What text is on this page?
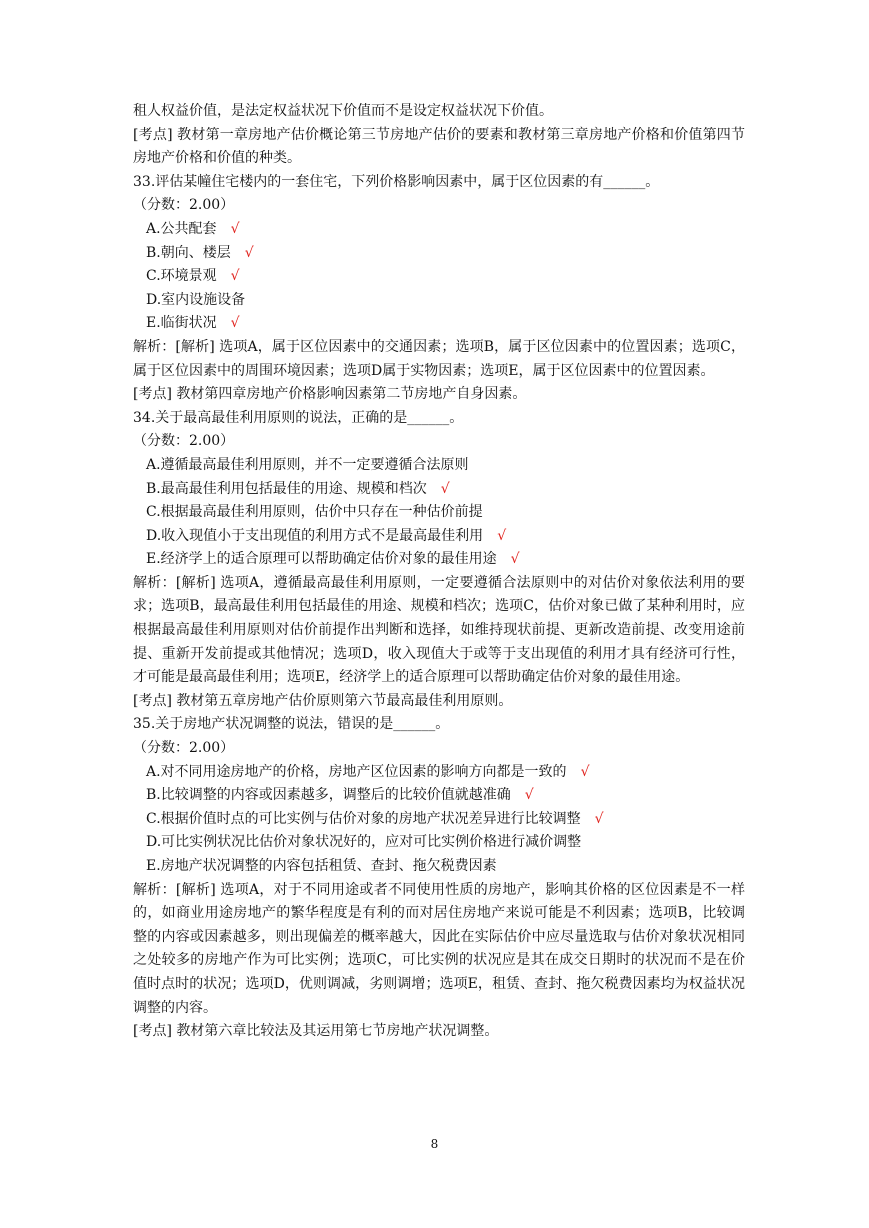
租人权益价值，是法定权益状况下价值而不是设定权益状况下价值。

[考点] 教材第一章房地产估价概论第三节房地产估价的要素和教材第三章房地产价格和价值第四节房地产价格和价值的种类。

33.评估某幢住宅楼内的一套住宅，下列价格影响因素中，属于区位因素的有______。

（分数：2.00）

A.公共配套 √

B.朝向、楼层 √

C.环境景观 √

D.室内设施设备

E.临街状况 √

解析：[解析] 选项A，属于区位因素中的交通因素；选项B，属于区位因素中的位置因素；选项C，属于区位因素中的周围环境因素；选项D属于实物因素；选项E，属于区位因素中的位置因素。

[考点] 教材第四章房地产价格影响因素第二节房地产自身因素。

34.关于最高最佳利用原则的说法，正确的是______。

（分数：2.00）

A.遵循最高最佳利用原则，并不一定要遵循合法原则

B.最高最佳利用包括最佳的用途、规模和档次 √

C.根据最高最佳利用原则，估价中只存在一种估价前提

D.收入现值小于支出现值的利用方式不是最高最佳利用 √

E.经济学上的适合原理可以帮助确定估价对象的最佳用途 √

解析：[解析] 选项A，遵循最高最佳利用原则，一定要遵循合法原则中的对估价对象依法利用的要求；选项B，最高最佳利用包括最佳的用途、规模和档次；选项C，估价对象已做了某种利用时，应根据最高最佳利用原则对估价前提作出判断和选择，如维持现状前提、更新改造前提、改变用途前提、重新开发前提或其他情况；选项D，收入现值大于或等于支出现值的利用才具有经济可行性，才可能是最高最佳利用；选项E，经济学上的适合原理可以帮助确定估价对象的最佳用途。

[考点] 教材第五章房地产估价原则第六节最高最佳利用原则。

35.关于房地产状况调整的说法，错误的是______。

（分数：2.00）

A.对不同用途房地产的价格，房地产区位因素的影响方向都是一致的 √

B.比较调整的内容或因素越多，调整后的比较价值就越准确 √

C.根据价值时点的可比实例与估价对象的房地产状况差异进行比较调整 √

D.可比实例状况比估价对象状况好的，应对可比实例价格进行减价调整

E.房地产状况调整的内容包括租赁、查封、拖欠税费因素

解析：[解析] 选项A，对于不同用途或者不同使用性质的房地产，影响其价格的区位因素是不一样的，如商业用途房地产的繁华程度是有利的而对居住房地产来说可能是不利因素；选项B，比较调整的内容或因素越多，则出现偏差的概率越大，因此在实际估价中应尽量选取与估价对象状况相同之处较多的房地产作为可比实例；选项C，可比实例的状况应是其在成交日期时的状况而不是在价值时点时的状况；选项D，优则调减，劣则调增；选项E，租赁、查封、拖欠税费因素均为权益状况调整的内容。

[考点] 教材第六章比较法及其运用第七节房地产状况调整。

8
